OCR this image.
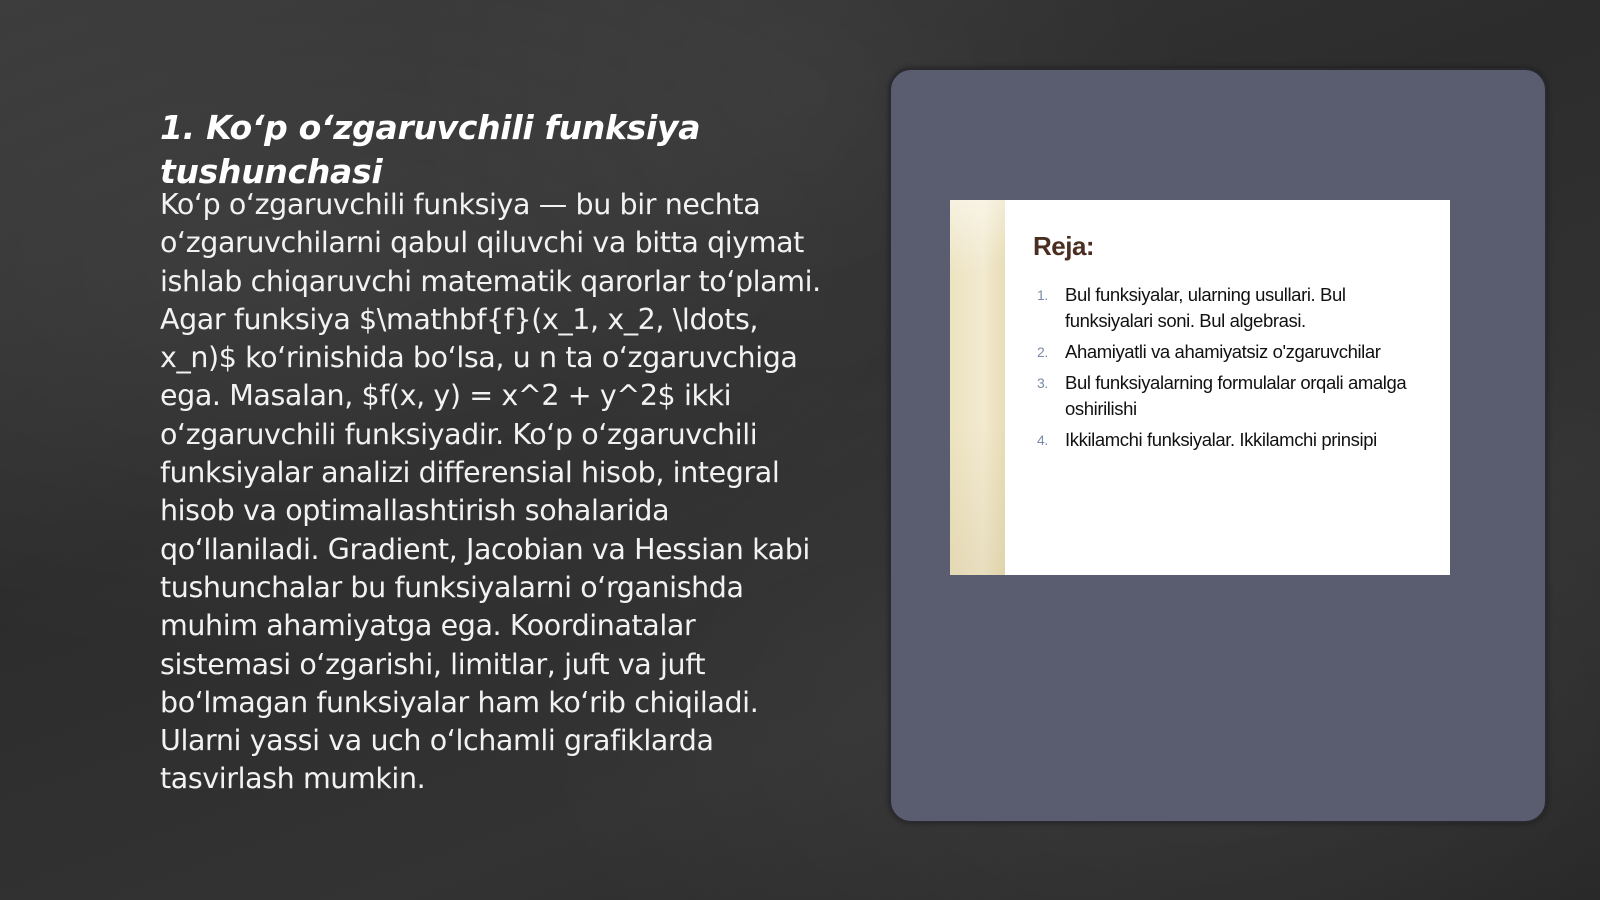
1. Ko‘p o‘zgaruvchili funksiya tushunchasi

Ko‘p o‘zgaruvchili funksiya — bu bir nechta o‘zgaruvchilarni qabul qiluvchi va bitta qiymat ishlab chiqaruvchi matematik qarorlar to‘plami. Agar funksiya $\mathbf{f}(x_1, x_2, \ldots, x_n)$ ko‘rinishida bo‘lsa, u n ta o‘zgaruvchiga ega. Masalan, $f(x, y) = x^2 + y^2$ ikki o‘zgaruvchili funksiyadir. Ko‘p o‘zgaruvchili funksiyalar analizi differensial hisob, integral hisob va optimallashtirish sohalarida qo‘llaniladi. Gradient, Jacobian va Hessian kabi tushunchalar bu funksiyalarni o‘rganishda muhim ahamiyatga ega. Koordinatalar sistemasi o‘zgarishi, limitlar, juft va juft bo‘lmagan funksiyalar ham ko‘rib chiqiladi. Ularni yassi va uch o‘lchamli grafiklarda tasvirlash mumkin.

Reja:
1. Bul funksiyalar, ularning usullari. Bul funksiyalari soni. Bul algebrasi.
2. Ahamiyatli va ahamiyatsiz o'zgaruvchilar
3. Bul funksiyalarning formulalar orqali amalga oshirilishi
4. Ikkilamchi funksiyalar. Ikkilamchi prinsipi
